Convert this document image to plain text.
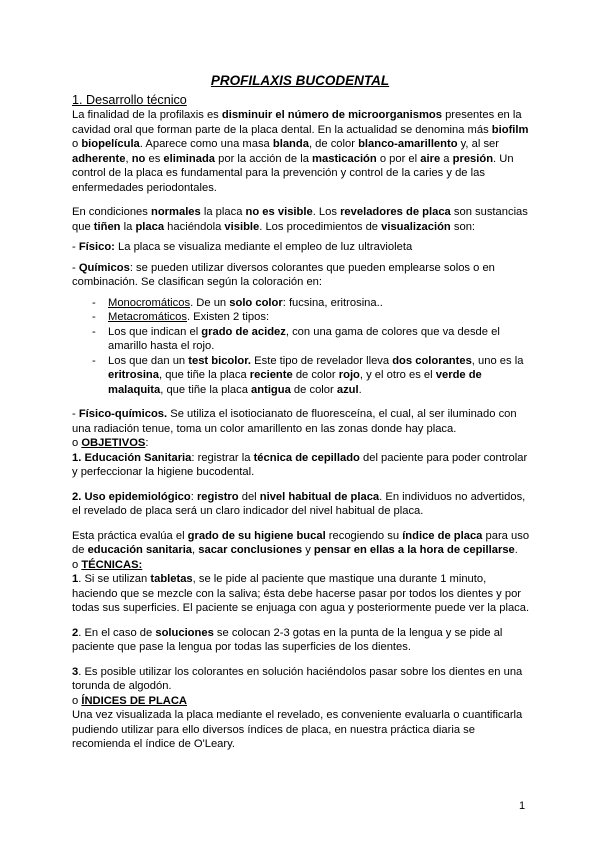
PROFILAXIS BUCODENTAL

1. Desarrollo técnico

La finalidad de la profilaxis es disminuir el número de microorganismos presentes en la cavidad oral que forman parte de la placa dental. En la actualidad se denomina más biofilm o biopelícula. Aparece como una masa blanda, de color blanco-amarillento y, al ser adherente, no es eliminada por la acción de la masticación o por el aire a presión. Un control de la placa es fundamental para la prevención y control de la caries y de las enfermedades periodontales.

En condiciones normales la placa no es visible. Los reveladores de placa son sustancias que tiñen la placa haciéndola visible. Los procedimientos de visualización son:

- Físico: La placa se visualiza mediante el empleo de luz ultravioleta

- Químicos: se pueden utilizar diversos colorantes que pueden emplearse solos o en combinación. Se clasifican según la coloración en:

- Monocromáticos. De un solo color: fucsina, eritrosina..
- Metacromáticos. Existen 2 tipos:
- Los que indican el grado de acidez, con una gama de colores que va desde el amarillo hasta el rojo.
- Los que dan un test bicolor. Este tipo de revelador lleva dos colorantes, uno es la eritrosina, que tiñe la placa reciente de color rojo, y el otro es el verde de malaquita, que tiñe la placa antigua de color azul.

- Físico-químicos. Se utiliza el isotiocianato de fluoresceína, el cual, al ser iluminado con una radiación tenue, toma un color amarillento en las zonas donde hay placa.

o OBJETIVOS:

1. Educación Sanitaria: registrar la técnica de cepillado del paciente para poder controlar y perfeccionar la higiene bucodental.

2. Uso epidemiológico: registro del nivel habitual de placa. En individuos no advertidos, el revelado de placa será un claro indicador del nivel habitual de placa.

Esta práctica evalúa el grado de su higiene bucal recogiendo su índice de placa para uso de educación sanitaria, sacar conclusiones y pensar en ellas a la hora de cepillarse.

o TÉCNICAS:

1. Si se utilizan tabletas, se le pide al paciente que mastique una durante 1 minuto, haciendo que se mezcle con la saliva; ésta debe hacerse pasar por todos los dientes y por todas sus superficies. El paciente se enjuaga con agua y posteriormente puede ver la placa.

2. En el caso de soluciones se colocan 2-3 gotas en la punta de la lengua y se pide al paciente que pase la lengua por todas las superficies de los dientes.

3. Es posible utilizar los colorantes en solución haciéndolos pasar sobre los dientes en una torunda de algodón.

o ÍNDICES DE PLACA

Una vez visualizada la placa mediante el revelado, es conveniente evaluarla o cuantificarla pudiendo utilizar para ello diversos índices de placa, en nuestra práctica diaria se recomienda el índice de O'Leary.

1
